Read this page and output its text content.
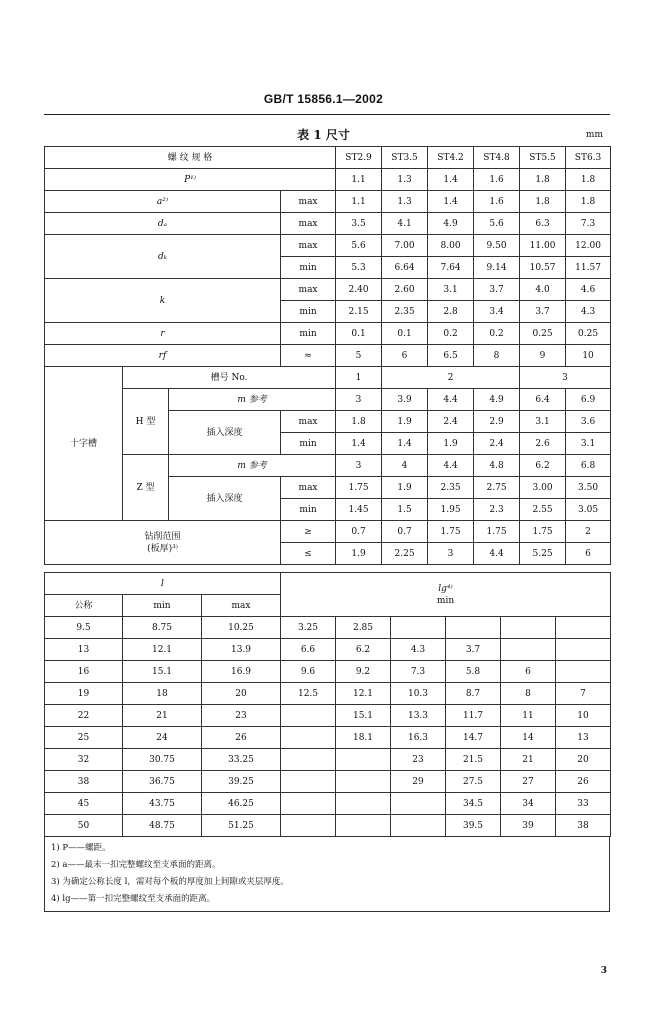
GB/T 15856.1—2002
表 1 尺寸	mm
螺 纹 规 格				ST2.9	ST3.5	ST4.2	ST4.8	ST5.5	ST6.3
P¹⁾				1.1	1.3	1.4	1.6	1.8	1.8
a²⁾			max	1.1	1.3	1.4	1.6	1.8	1.8
dₐ			max	3.5	4.1	4.9	5.6	6.3	7.3
dₖ			max	5.6	7.00	8.00	9.50	11.00	12.00
			min	5.3	6.64	7.64	9.14	10.57	11.57
k			max	2.40	2.60	3.1	3.7	4.0	4.6
			min	2.15	2.35	2.8	3.4	3.7	4.3
r			min	0.1	0.1	0.2	0.2	0.25	0.25
rf			≈	5	6	6.5	8	9	10
十字槽	槽号 No.			1	2			3	
	H 型	m 参考		3	3.9	4.4	4.9	6.4	6.9
		插入深度	max	1.8	1.9	2.4	2.9	3.1	3.6
			min	1.4	1.4	1.9	2.4	2.6	3.1
	Z 型	m 参考		3	4	4.4	4.8	6.2	6.8
		插入深度	max	1.75	1.9	2.35	2.75	3.00	3.50
			min	1.45	1.5	1.95	2.3	2.55	3.05

钻削范围
(板厚)³⁾			≥	0.7	0.7	1.75	1.75	1.75	2
			≤	1.9	2.25	3	4.4	5.25	6
l			lg⁴⁾
min					

公称	min	max						
9.5	8.75	10.25	3.25	2.85				
13	12.1	13.9	6.6	6.2	4.3	3.7		
16	15.1	16.9	9.6	9.2	7.3	5.8	6	
19	18	20	12.5	12.1	10.3	8.7	8	7
22	21	23		15.1	13.3	11.7	11	10
25	24	26		18.1	16.3	14.7	14	13
32	30.75	33.25			23	21.5	21	20
38	36.75	39.25			29	27.5	27	26
45	43.75	46.25				34.5	34	33
50	48.75	51.25				39.5	39	38
1) P——螺距。
2) a——最末一扣完整螺纹至支承面的距离。
3) 为确定公称长度 l，需对每个板的厚度加上间隙或夹层厚度。
4) lg——第一扣完整螺纹至支承面的距离。
3
